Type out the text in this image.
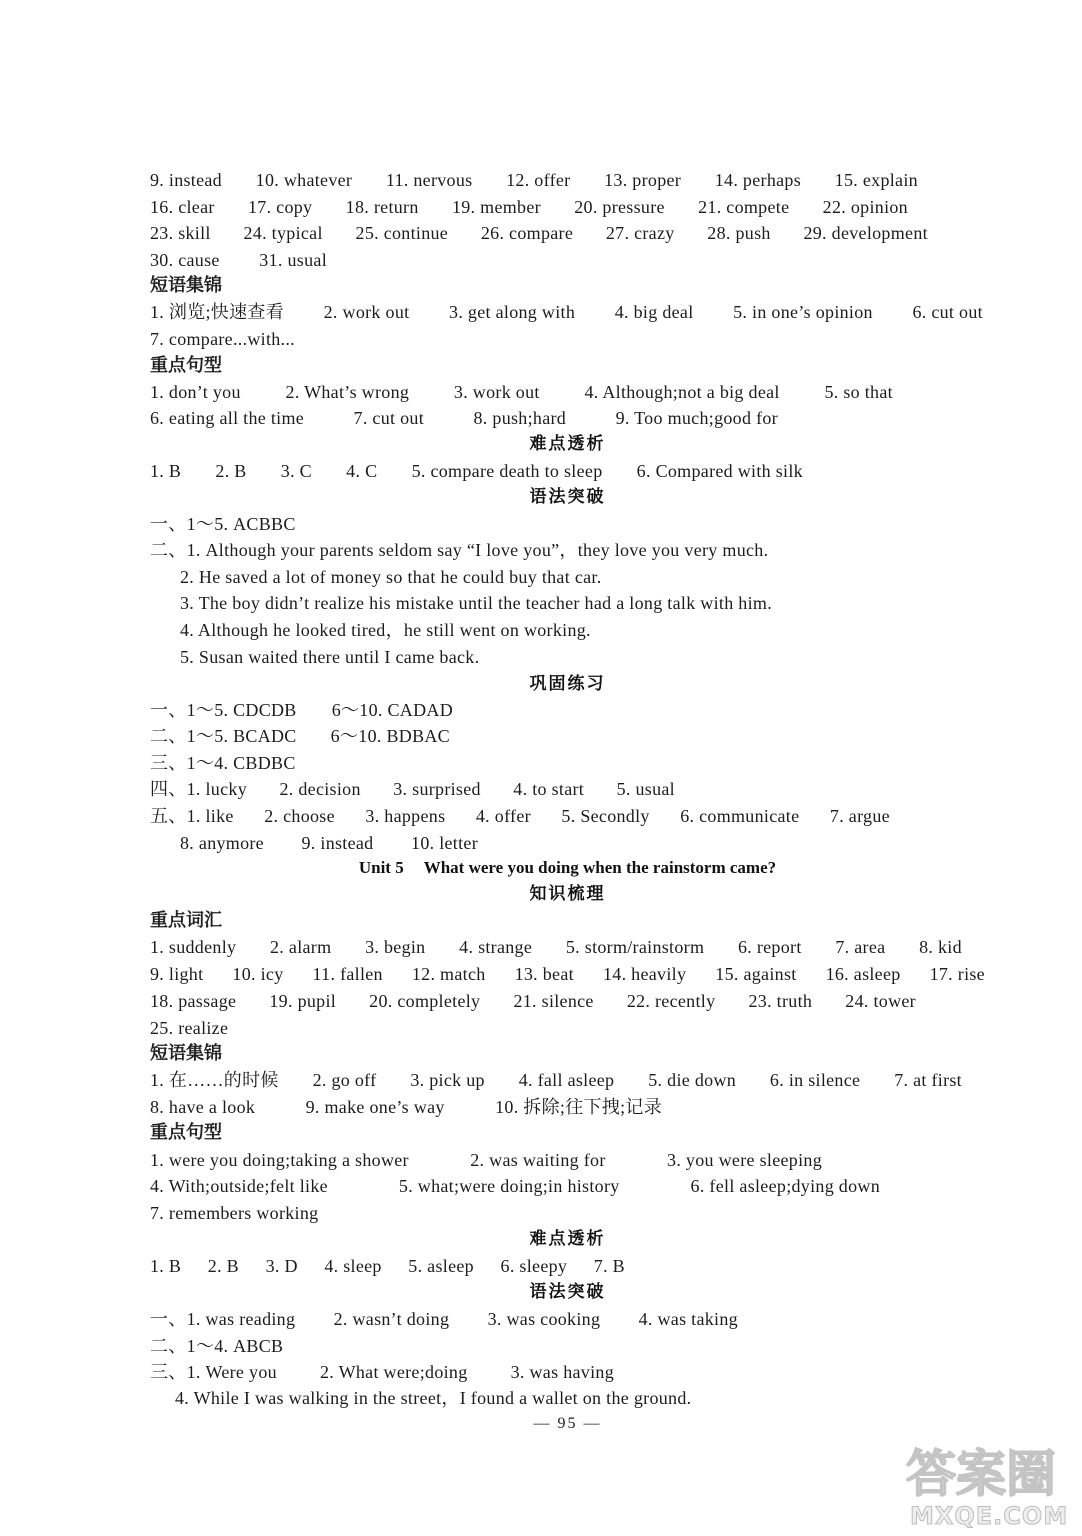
9. instead 10. whatever 11. nervous 12. offer 13. proper 14. perhaps 15. explain
16. clear 17. copy 18. return 19. member 20. pressure 21. compete 22. opinion
23. skill 24. typical 25. continue 26. compare 27. crazy 28. push 29. development
30. cause 31. usual
短语集锦
1. 浏览;快速查看 2. work out 3. get along with 4. big deal 5. in one’s opinion 6. cut out
7. compare...with...
重点句型
1. don’t you 2. What’s wrong 3. work out 4. Although;not a big deal 5. so that
6. eating all the time	7. cut out	8. push;hard	9. Too much;good for
难点透析
1. B 2. B 3. C 4. C 5. compare death to sleep 6. Compared with silk
语法突破
一、1～5. ACBBC
二、1. Although your parents seldom say “I love you”，they love you very much.
2. He saved a lot of money so that he could buy that car.
3. The boy didn’t realize his mistake until the teacher had a long talk with him.
4. Although he looked tired，he still went on working.
5. Susan waited there until I came back.
巩固练习
一、1～5. CDCDB 6～10. CADAD
二、1～5. BCADC 6～10. BDBAC
三、1～4. CBDBC
四、1. lucky 2. decision 3. surprised 4. to start 5. usual
五、1. like 2. choose 3. happens 4. offer 5. Secondly 6. communicate 7. argue
8. anymore 9. instead 10. letter
Unit 5 What were you doing when the rainstorm came?
知识梳理
重点词汇
1. suddenly 2. alarm 3. begin 4. strange 5. storm/rainstorm 6. report 7. area 8. kid
9. light 10. icy 11. fallen 12. match 13. beat 14. heavily 15. against 16. asleep 17. rise
18. passage 19. pupil 20. completely 21. silence 22. recently 23. truth 24. tower
25. realize
短语集锦
1. 在……的时候 2. go off 3. pick up 4. fall asleep 5. die down 6. in silence 7. at first
8. have a look	9. make one’s way	10. 拆除;往下拽;记录
重点句型
1. were you doing;taking a shower	2. was waiting for	3. you were sleeping
4. With;outside;felt like	5. what;were doing;in history	6. fell asleep;dying down
7. remembers working
难点透析
1. B 2. B 3. D 4. sleep 5. asleep 6. sleepy 7. B
语法突破
一、1. was reading 2. wasn’t doing 3. was cooking 4. was taking
二、1～4. ABCB
三、1. Were you 2. What were;doing 3. was having
4. While I was walking in the street，I found a wallet on the ground.
— 95 —
答案圈
MXQE.COM
